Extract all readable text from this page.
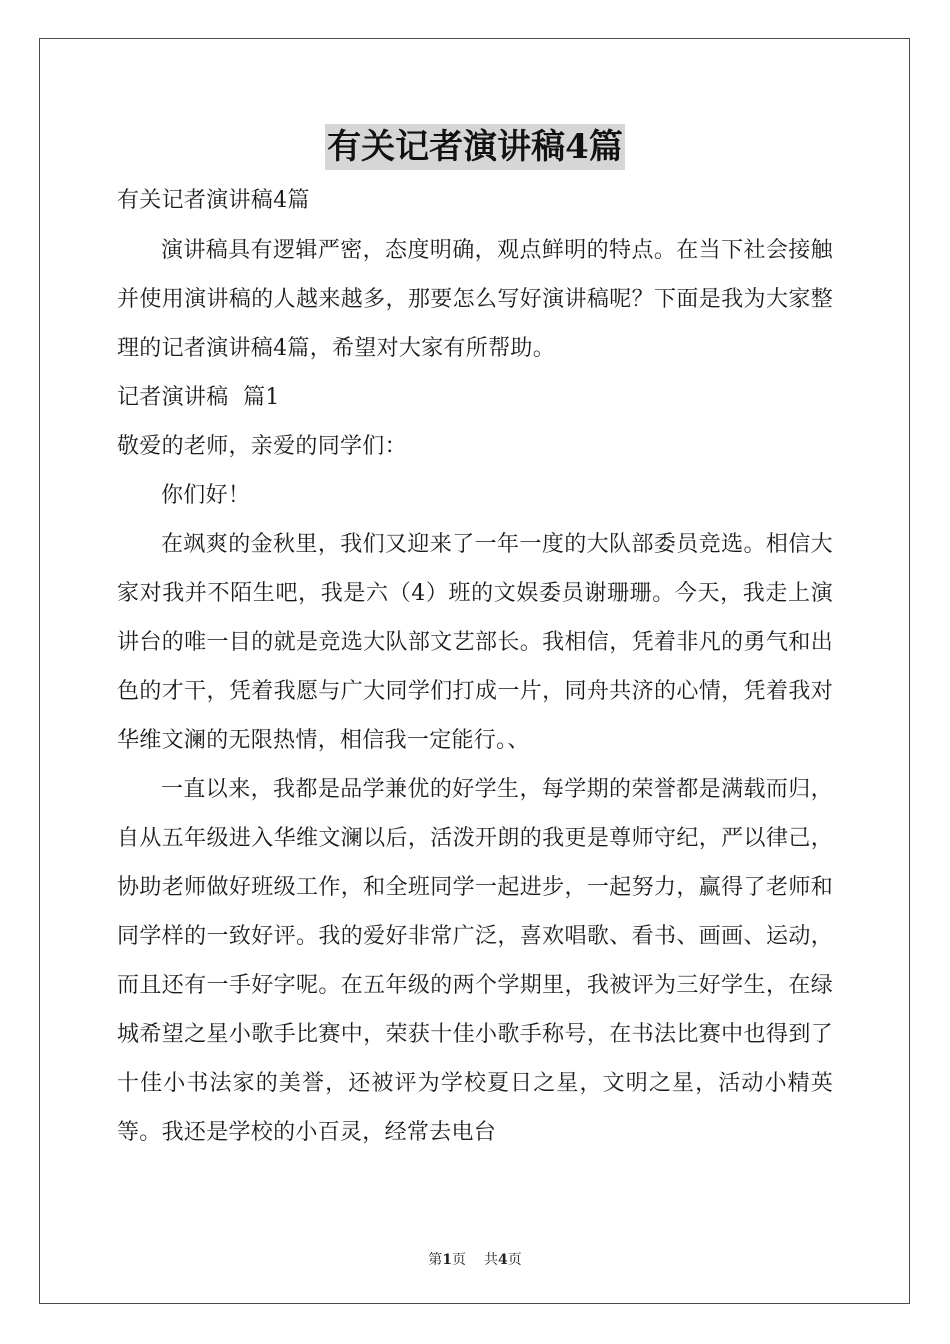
有关记者演讲稿4篇

有关记者演讲稿4篇

演讲稿具有逻辑严密，态度明确，观点鲜明的特点。在当下社会接触并使用演讲稿的人越来越多，那要怎么写好演讲稿呢？下面是我为大家整理的记者演讲稿4篇，希望对大家有所帮助。

记者演讲稿  篇1

敬爱的老师，亲爱的同学们：

你们好！

在飒爽的金秋里，我们又迎来了一年一度的大队部委员竞选。相信大家对我并不陌生吧，我是六（4）班的文娱委员谢珊珊。今天，我走上演讲台的唯一目的就是竞选大队部文艺部长。我相信，凭着非凡的勇气和出色的才干，凭着我愿与广大同学们打成一片，同舟共济的心情，凭着我对华维文澜的无限热情，相信我一定能行。、

一直以来，我都是品学兼优的好学生，每学期的荣誉都是满载而归，自从五年级进入华维文澜以后，活泼开朗的我更是尊师守纪，严以律己，协助老师做好班级工作，和全班同学一起进步，一起努力，赢得了老师和同学样的一致好评。我的爱好非常广泛，喜欢唱歌、看书、画画、运动，而且还有一手好字呢。在五年级的两个学期里，我被评为三好学生，在绿城希望之星小歌手比赛中，荣获十佳小歌手称号，在书法比赛中也得到了十佳小书法家的美誉，还被评为学校夏日之星，文明之星，活动小精英等。我还是学校的小百灵，经常去电台

第1页 共4页
